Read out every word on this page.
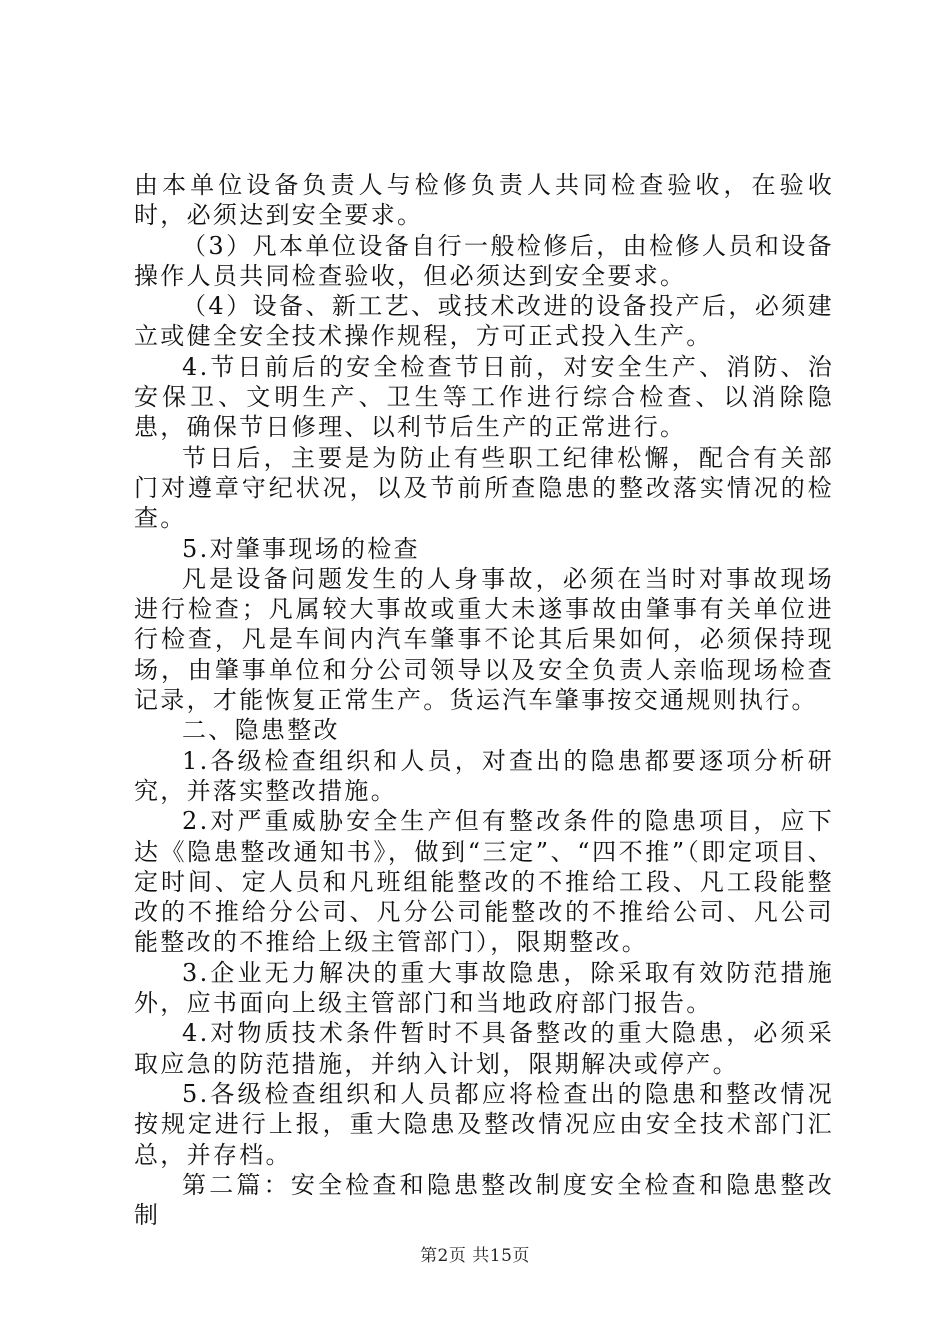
由本单位设备负责人与检修负责人共同检查验收，在验收时，必须达到安全要求。

（3）凡本单位设备自行一般检修后，由检修人员和设备操作人员共同检查验收，但必须达到安全要求。

（4）设备、新工艺、或技术改进的设备投产后，必须建立或健全安全技术操作规程，方可正式投入生产。

4.节日前后的安全检查节日前，对安全生产、消防、治安保卫、文明生产、卫生等工作进行综合检查、以消除隐患，确保节日修理、以利节后生产的正常进行。

节日后，主要是为防止有些职工纪律松懈，配合有关部门对遵章守纪状况，以及节前所查隐患的整改落实情况的检查。

5.对肇事现场的检查

凡是设备问题发生的人身事故，必须在当时对事故现场进行检查；凡属较大事故或重大未遂事故由肇事有关单位进行检查，凡是车间内汽车肇事不论其后果如何，必须保持现场，由肇事单位和分公司领导以及安全负责人亲临现场检查记录，才能恢复正常生产。货运汽车肇事按交通规则执行。

二、隐患整改

1.各级检查组织和人员，对查出的隐患都要逐项分析研究，并落实整改措施。

2.对严重威胁安全生产但有整改条件的隐患项目，应下达《隐患整改通知书》，做到“三定”、“四不推”（即定项目、定时间、定人员和凡班组能整改的不推给工段、凡工段能整改的不推给分公司、凡分公司能整改的不推给公司、凡公司能整改的不推给上级主管部门），限期整改。

3.企业无力解决的重大事故隐患，除采取有效防范措施外，应书面向上级主管部门和当地政府部门报告。

4.对物质技术条件暂时不具备整改的重大隐患，必须采取应急的防范措施，并纳入计划，限期解决或停产。

5.各级检查组织和人员都应将检查出的隐患和整改情况按规定进行上报，重大隐患及整改情况应由安全技术部门汇总，并存档。

第二篇：安全检查和隐患整改制度安全检查和隐患整改制

第2页 共15页
